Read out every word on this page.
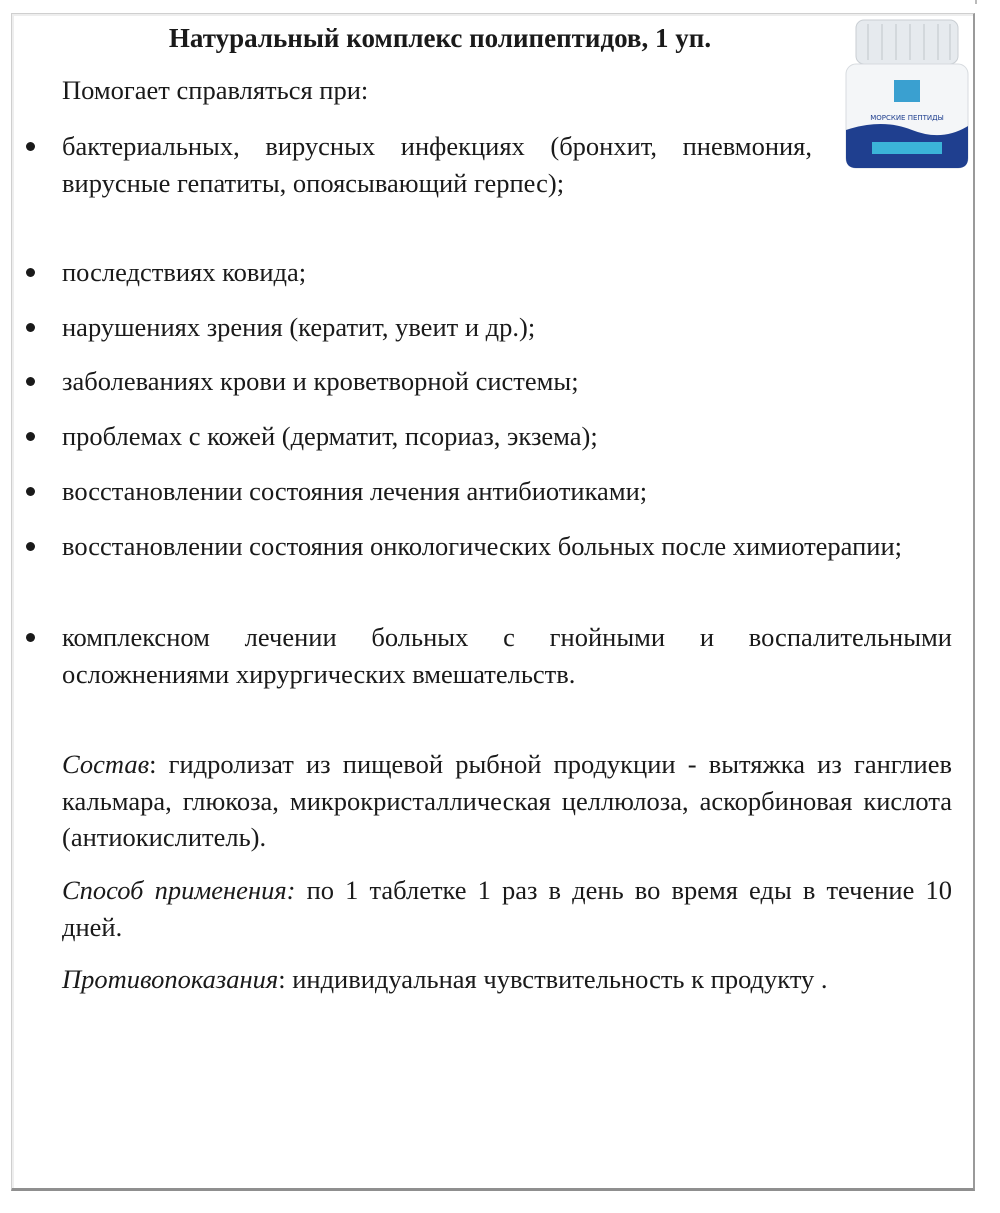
Натуральный комплекс полипептидов, 1 уп.
МОРСКИЕ ПЕПТИДЫ
Помогает справляться при:
бактериальных, вирусных инфекциях (бронхит, пневмония, вирусные гепатиты, опоясывающий герпес);
последствиях ковида;
нарушениях зрения (кератит, увеит и др.);
заболеваниях крови и кроветворной системы;
проблемах с кожей (дерматит, псориаз, экзема);
восстановлении состояния лечения антибиотиками;
восстановлении состояния онкологических больных после химиотерапии;
комплексном лечении больных с гнойными и воспалительными осложнениями хирургических вмешательств.
Состав: гидролизат из пищевой рыбной продукции - вытяжка из ганглиев кальмара, глюкоза, микрокристаллическая целлюлоза, аскорбиновая кислота (антиокислитель).
Способ применения: по 1 таблетке 1 раз в день во время еды в течение 10 дней.
Противопоказания: индивидуальная чувствительность к продукту .
